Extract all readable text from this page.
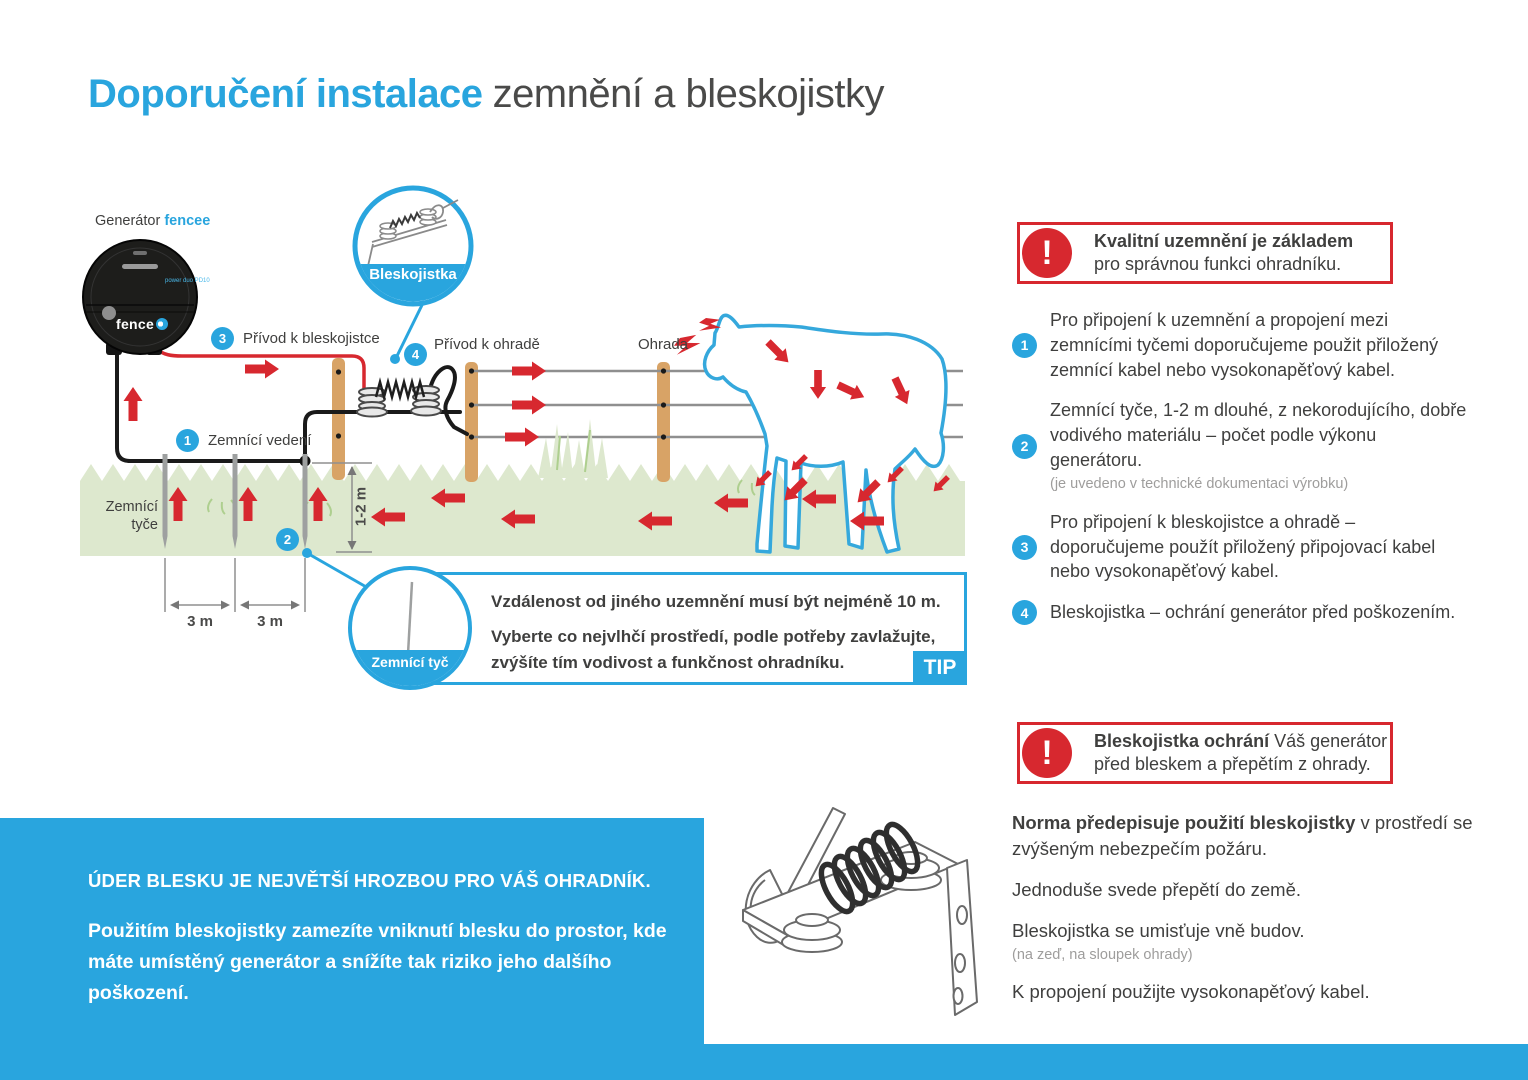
Doporučení instalace zemnění a bleskojistky
Generátor fencee
power duo PD10
fence
3	Přívod k bleskojistce
4
Přívod k ohradě	Ohrada
1	Zemnící vedení
Zemnící tyče
2
1-2 m
3 m	3 m
Bleskojistka
Vzdálenost od jiného uzemnění musí být nejméně 10 m.
Vyberte co nejvlhčí prostředí, podle potřeby zavlažujte,
zvýšíte tím vodivost a funkčnost ohradníku.	TIP
Zemnící tyč
!	Kvalitní uzemnění je základem
pro správnou funkci ohradníku.
1
Pro připojení k uzemnění a propojení mezi zemnícími tyčemi doporučujeme použit přiložený zemnící kabel nebo vysokonapěťový kabel.
2
Zemnící tyče, 1-2 m dlouhé, z nekorodujícího, dobře vodivého materiálu – počet podle výkonu generátoru.
(je uvedeno v technické dokumentaci výrobku)
3
Pro připojení k bleskojistce a ohradě – doporučujeme použít přiložený připojovací kabel nebo vysokonapěťový kabel.
4	Bleskojistka – ochrání generátor před poškozením.
!	Bleskojistka ochrání Váš generátor
před bleskem a přepětím z ohrady.
Norma předepisuje použití bleskojistky v prostředí se zvýšeným nebezpečím požáru.
Jednoduše svede přepětí do země.
Bleskojistka se umisťuje vně budov.
(na zeď, na sloupek ohrady)
K propojení použijte vysokonapěťový kabel.
ÚDER BLESKU JE NEJVĚTŠÍ HROZBOU PRO VÁŠ OHRADNÍK.
Použitím bleskojistky zamezíte vniknutí blesku do prostor, kde máte umístěný generátor a snížíte tak riziko jeho dalšího poškození.
